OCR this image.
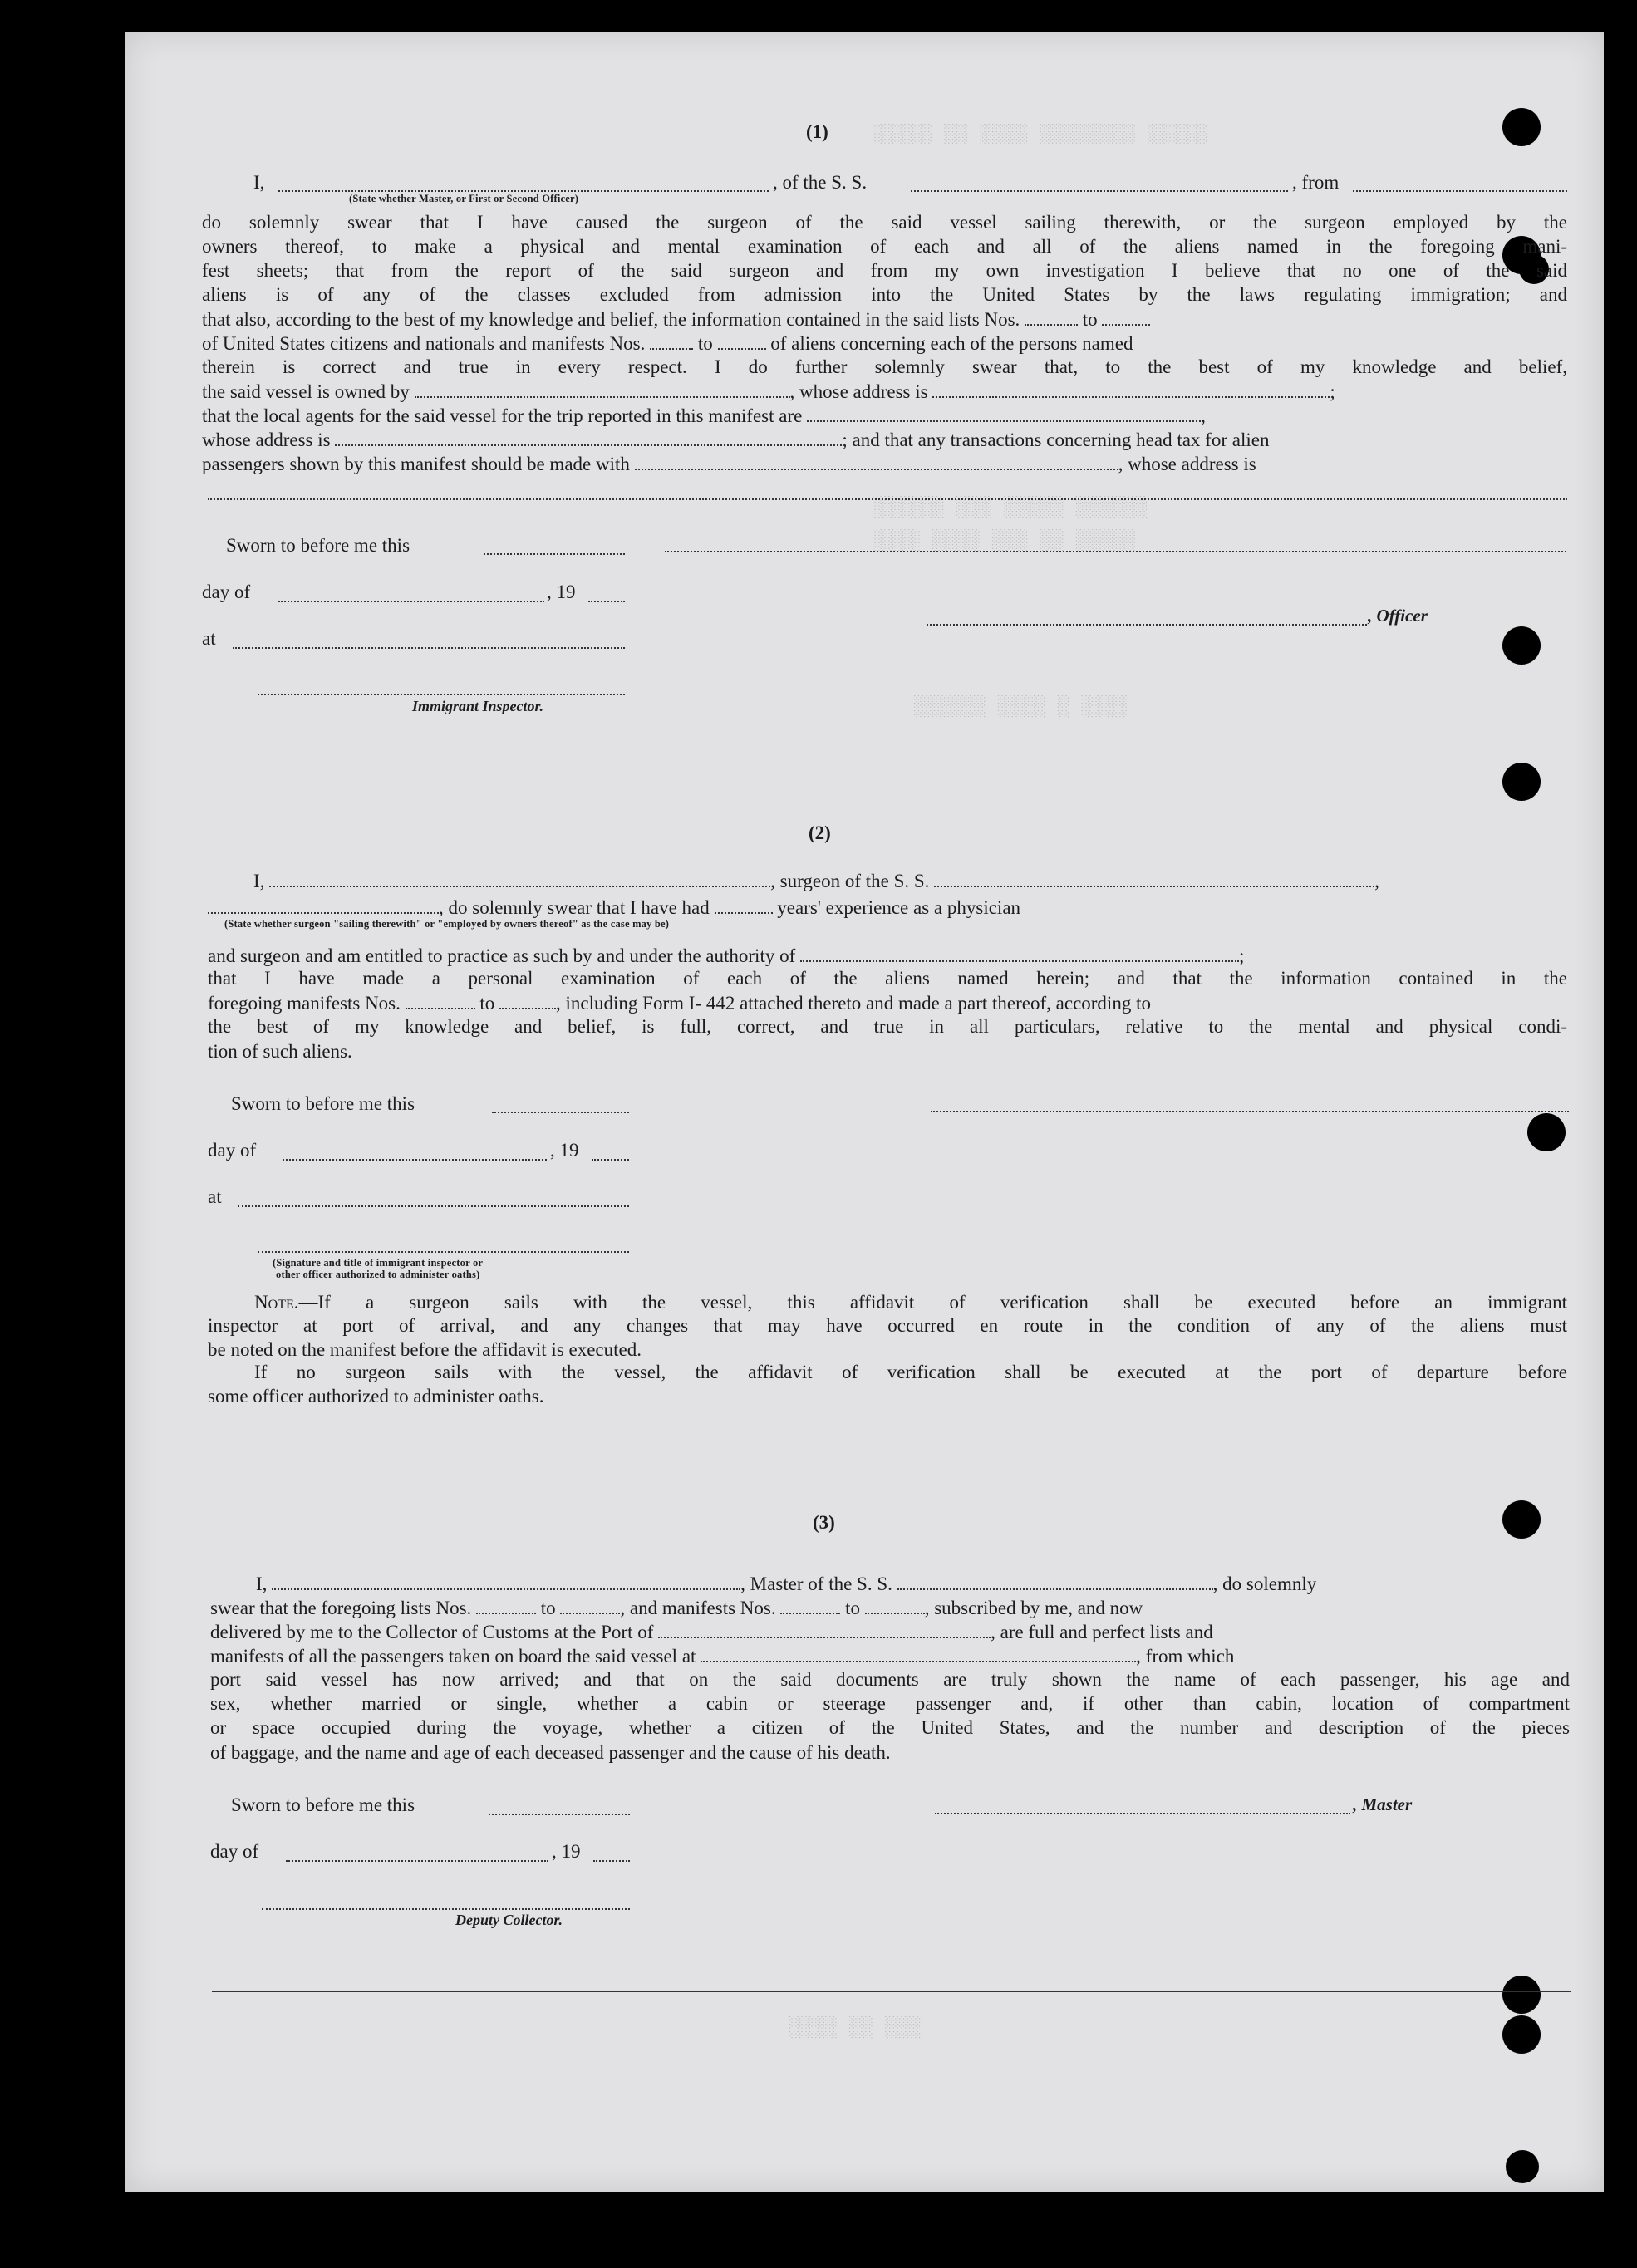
░░░░░ ░░ ░░░░ ░░░░░░░░ ░░░░░
░░░░░░ ░░░ ░░░░░ ░░░░░░
░░░░ ░░░░ ░░░ ░░ ░░░░░
░░░░░░ ░░░░ ░ ░░░░
░░░░ ░░ ░░░
(1)
I,	, of the S. S.	, from
(State whether Master, or First or Second Officer)
do solemnly swear that I have caused the surgeon of the said vessel sailing therewith, or the surgeon employed by the
owners thereof, to make a physical and mental examination of each and all of the aliens named in the foregoing mani-
fest sheets; that from the report of the said surgeon and from my own investigation I believe that no one of the said
aliens is of any of the classes excluded from admission into the United States by the laws regulating immigration; and
that also, according to the best of my knowledge and belief, the information contained in the said lists Nos.	to
of United States citizens and nationals and manifests Nos.	to	of aliens concerning each of the persons named
therein is correct and true in every respect. I do further solemnly swear that, to the best of my knowledge and belief,
the said vessel is owned by	, whose address is	;
that the local agents for the said vessel for the trip reported in this manifest are	,
whose address is	; and that any transactions concerning head tax for alien
passengers shown by this manifest should be made with	, whose address is
Sworn to before me this
day of	, 19
at
, Officer
Immigrant Inspector.
(2)
I,	, surgeon of the S. S.	,
, do solemnly swear that I have had	years' experience as a physician
(State whether surgeon "sailing therewith" or "employed by owners thereof" as the case may be)
and surgeon and am entitled to practice as such by and under the authority of	;
that I have made a personal examination of each of the aliens named herein; and that the information contained in the
foregoing manifests Nos.	to	, including Form I- 442 attached thereto and made a part thereof, according to
the best of my knowledge and belief, is full, correct, and true in all particulars, relative to the mental and physical condi-
tion of such aliens.
Sworn to before me this
day of	, 19
at
(Signature and title of immigrant inspector or
other officer authorized to administer oaths)
Note.—If a surgeon sails with the vessel, this affidavit of verification shall be executed before an immigrant
inspector at port of arrival, and any changes that may have occurred en route in the condition of any of the aliens must
be noted on the manifest before the affidavit is executed.
If no surgeon sails with the vessel, the affidavit of verification shall be executed at the port of departure before
some officer authorized to administer oaths.
(3)
I,	, Master of the S. S.	, do solemnly
swear that the foregoing lists Nos.	to	, and manifests Nos.	to	, subscribed by me, and now
delivered by me to the Collector of Customs at the Port of	, are full and perfect lists and
manifests of all the passengers taken on board the said vessel at	, from which
port said vessel has now arrived; and that on the said documents are truly shown the name of each passenger, his age and
sex, whether married or single, whether a cabin or steerage passenger and, if other than cabin, location of compartment
or space occupied during the voyage, whether a citizen of the United States, and the number and description of the pieces
of baggage, and the name and age of each deceased passenger and the cause of his death.
Sworn to before me this	, Master
day of	, 19
Deputy Collector.
